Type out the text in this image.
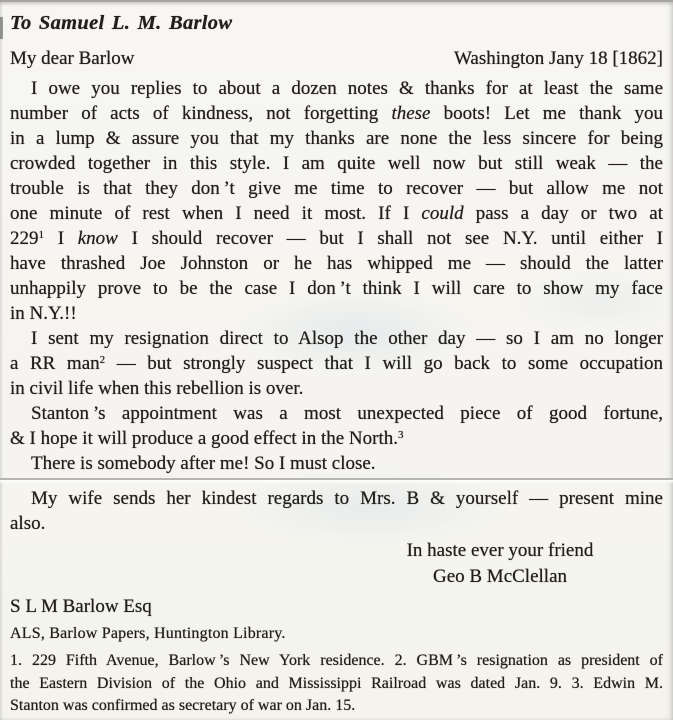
To Samuel L. M. Barlow
My dear Barlow	Washington Jany 18 [1862]
I owe you replies to about a dozen notes & thanks for at least the same
number of acts of kindness, not forgetting these boots! Let me thank you
in a lump & assure you that my thanks are none the less sincere for being
crowded together in this style. I am quite well now but still weak — the
trouble is that they don ’t give me time to recover — but allow me not
one minute of rest when I need it most. If I could pass a day or two at
$229^1$ I know I should recover — but I shall not see N.Y. until either I
have thrashed Joe Johnston or he has whipped me — should the latter
unhappily prove to be the case I don ’t think I will care to show my face
in N.Y.!!
I sent my resignation direct to Alsop the other day — so I am no longer
a RR man$^2$ — but strongly suspect that I will go back to some occupation
in civil life when this rebellion is over.
Stanton ’s appointment was a most unexpected piece of good fortune,
& I hope it will produce a good effect in the North.$^3$
There is somebody after me! So I must close.
My wife sends her kindest regards to Mrs. B & yourself — present mine
also.
In haste ever your friend
Geo B McClellan
S L M Barlow Esq
ALS, Barlow Papers, Huntington Library.
1. 229 Fifth Avenue, Barlow ’s New York residence. 2. GBM ’s resignation as president of
the Eastern Division of the Ohio and Mississippi Railroad was dated Jan. 9. 3. Edwin M.
Stanton was confirmed as secretary of war on Jan. 15.
